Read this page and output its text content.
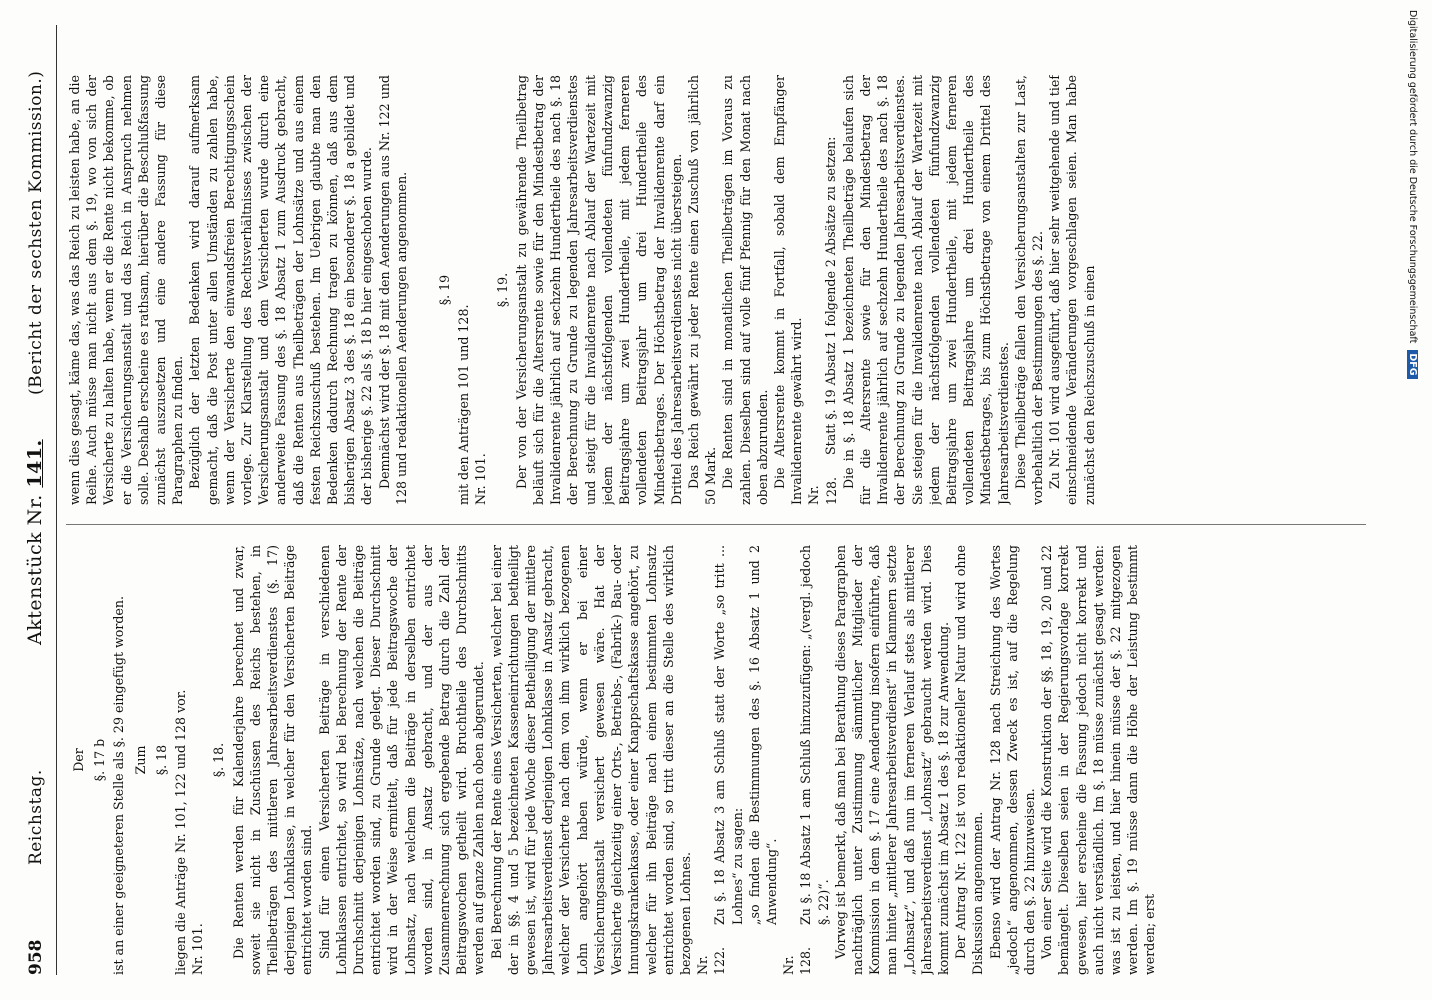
958
Reichstag.
Aktenstück Nr. 141.
(Bericht der sechsten Kommission.)

Der §. 17 b ist an einer geeigneteren Stelle als §. 29 eingefügt worden. Zum §. 18 liegen die Anträge Nr. 101, 122 und 128 vor. Nr. 101.

§. 18. Die Renten werden für Kalenderjahre berechnet und zwar, soweit sie nicht in Zuschüssen des Reichs bestehen, in Theilbeträgen des mittleren Jahresarbeitsverdienstes (§. 17) derjenigen Lohnklasse, in welcher für den Versicherten Beiträge entrichtet worden sind. Sind für einen Versicherten Beiträge in verschiedenen Lohnklassen entrichtet, so wird bei Berechnung der Rente der Durchschnitt derjenigen Lohnsätze, nach welchen die Beiträge entrichtet worden sind, zu Grunde gelegt. Dieser Durchschnitt wird in der Weise ermittelt, daß für jede Beitragswoche der Lohnsatz, nach welchem die Beiträge in derselben entrichtet worden sind, in Ansatz gebracht, und der aus der Zusammenrechnung sich ergebende Betrag durch die Zahl der Beitragswochen getheilt wird. Bruchtheile des Durchschnitts werden auf ganze Zahlen nach oben abgerundet. Bei Berechnung der Rente eines Versicherten, welcher bei einer der in §§. 4 und 5 bezeichneten Kasseneinrichtungen betheiligt gewesen ist, wird für jede Woche dieser Betheiligung der mittlere Jahresarbeitsverdienst derjenigen Lohnklasse in Ansatz gebracht, welcher der Versicherte nach dem von ihm wirklich bezogenen Lohn angehört haben würde, wenn er bei einer Versicherungsanstalt versichert gewesen wäre. Hat der Versicherte gleichzeitig einer Orts-, Betriebs-, (Fabrik-) Bau- oder Innungskrankenkasse, oder einer Knappschaftskasse angehört, zu welcher für ihn Beiträge nach einem bestimmten Lohnsatz entrichtet worden sind, so tritt dieser an die Stelle des wirklich bezogenen Lohnes. Nr. 122.Zu §. 18 Absatz 3 am Schluß statt der Worte „so tritt ... Lohnes“ zu sagen: „so finden die Bestimmungen des §. 16 Absatz 1 und 2 Anwendung“.

Nr. 128.Zu §. 18 Absatz 1 am Schluß hinzuzufügen: „(vergl. jedoch §. 22)“. Vorweg ist bemerkt, daß man bei Berathung dieses Paragraphen nachträglich unter Zustimmung sämmtlicher Mitglieder der Kommission in dem §. 17 eine Aenderung insofern einführte, daß man hinter „mittlerer Jahresarbeitsverdienst“ in Klammern setzte „Lohnsatz“, und daß nun im ferneren Verlauf stets als mittlerer Jahresarbeitsverdienst „Lohnsatz“ gebraucht werden wird. Dies kommt zunächst im Absatz 1 des §. 18 zur Anwendung. Der Antrag Nr. 122 ist von redaktioneller Natur und wird ohne Diskussion angenommen. Ebenso wird der Antrag Nr. 128 nach Streichung des Wortes „jedoch“ angenommen, dessen Zweck es ist, auf die Regelung durch den §. 22 hinzuweisen. Von einer Seite wird die Konstruktion der §§. 18, 19, 20 und 22 bemängelt. Dieselben seien in der Regierungsvorlage korrekt gewesen, hier erscheine die Fassung jedoch nicht korrekt und auch nicht verständlich. Im §. 18 müsse zunächst gesagt werden: was ist zu leisten, und hier hinein müsse der §. 22 mitgezogen werden. Im §. 19 müsse dann die Höhe der Leistung bestimmt werden; erst

wenn dies gesagt, käme das, was das Reich zu leisten habe, an die Reihe. Auch müsse man nicht aus dem §. 19, wo von sich der Versicherte zu halten habe, wenn er die Rente nicht bekomme, ob er die Versicherungsanstalt und das Reich in Anspruch nehmen solle. Deshalb erscheine es rathsam, hierüber die Beschlußfassung zunächst auszusetzen und eine andere Fassung für diese Paragraphen zu finden. Bezüglich der letzten Bedenken wird darauf aufmerksam gemacht, daß die Post unter allen Umständen zu zahlen habe, wenn der Versicherte den einwandsfreien Berechtigungsschein vorlege. Zur Klarstellung des Rechtsverhältnisses zwischen der Versicherungsanstalt und dem Versicherten wurde durch eine anderweite Fassung des §. 18 Absatz 1 zum Ausdruck gebracht, daß die Renten aus Theilbeträgen der Lohnsätze und aus einem festen Reichszuschuß bestehen. Im Uebrigen glaubte man den Bedenken dadurch Rechnung tragen zu können, daß aus dem bisherigen Absatz 3 des §. 18 ein besonderer §. 18 a gebildet und der bisherige §. 22 als §. 18 b hier eingeschoben wurde. Demnächst wird der §. 18 mit den Aenderungen aus Nr. 122 und 128 und redaktionellen Aenderungen angenommen. §. 19

mit den Anträgen 101 und 128. Nr. 101.

§. 19. Der von der Versicherungsanstalt zu gewährende Theilbetrag beläuft sich für die Altersrente sowie für den Mindestbetrag der Invalidenrente jährlich auf sechzehn Hundertheile des nach §. 18 der Berechnung zu Grunde zu legenden Jahresarbeitsverdienstes und steigt für die Invalidenrente nach Ablauf der Wartezeit mit jedem der nächstfolgenden vollendeten fünfundzwanzig Beitragsjahre um zwei Hundertheile, mit jedem ferneren vollendeten Beitragsjahr um drei Hundertheile des Mindestbetrages. Der Höchstbetrag der Invalidenrente darf ein Drittel des Jahresarbeitsverdienstes nicht übersteigen. Das Reich gewährt zu jeder Rente einen Zuschuß von jährlich 50 Mark. Die Renten sind in monatlichen Theilbeträgen im Voraus zu zahlen. Dieselben sind auf volle fünf Pfennig für den Monat nach oben abzurunden. Die Altersrente kommt in Fortfall, sobald dem Empfänger Invalidenrente gewährt wird. Nr. 128.Statt §. 19 Absatz 1 folgende 2 Absätze zu setzen: Die in §. 18 Absatz 1 bezeichneten Theilbeträge belaufen sich für die Altersrente sowie für den Mindestbetrag der Invalidenrente jährlich auf sechzehn Hundertheile des nach §. 18 der Berechnung zu Grunde zu legenden Jahresarbeitsverdienstes. Sie steigen für die Invalidenrente nach Ablauf der Wartezeit mit jedem der nächstfolgenden vollendeten fünfundzwanzig Beitragsjahre um zwei Hundertheile, mit jedem ferneren vollendeten Beitragsjahre um drei Hundertheile des Mindestbetrages, bis zum Höchstbetrage von einem Drittel des Jahresarbeitsverdienstes. Diese Theilbeträge fallen den Versicherungsanstalten zur Last, vorbehaltlich der Bestimmungen des §. 22. Zu Nr. 101 wird ausgeführt, daß hier sehr weitgehende und tief einschneidende Veränderungen vorgeschlagen seien. Man habe zunächst den Reichszuschuß in einen

Digitalisierung gefördert durch die Deutsche Forschungsgemeinschaft DFG
